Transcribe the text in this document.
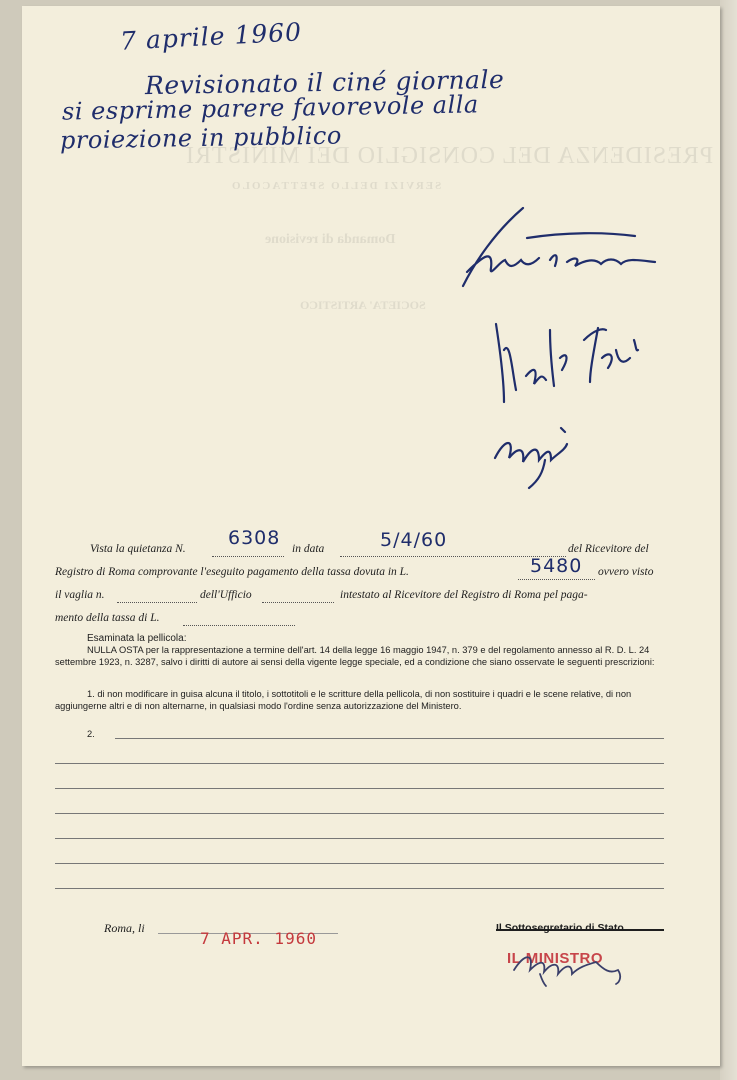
PRESIDENZA DEL CONSIGLIO DEI MINISTRI
SERVIZI DELLO SPETTACOLO
Domanda di revisione
SOCIETA' ARTISTICO
7 aprile 1960
Revisionato il ciné giornale
si esprime parere favorevole alla
proiezione in pubblico
Vista la quietanza N. 6308 in data	5/4/60	del Ricevitore del
Registro di Roma comprovante l'eseguito pagamento della tassa dovuta in L.	5480 ovvero visto
il vaglia n.	dell'Ufficio	intestato al Ricevitore del Registro di Roma pel paga-
mento della tassa di L.
Esaminata la pellicola:
NULLA OSTA per la rappresentazione a termine dell'art. 14 della legge 16 maggio 1947, n. 379 e del regolamento annesso al R. D. L. 24 settembre 1923, n. 3287, salvo i diritti di autore ai sensi della vigente legge speciale, ed a condizione che siano osservate le seguenti prescrizioni:
1. di non modificare in guisa alcuna il titolo, i sottotitoli e le scritture della pellicola, di non sostituire i quadri e le scene relative, di non aggiungerne altri e di non alternarne, in qualsiasi modo l'ordine senza autorizzazione del Ministero.
2.
Roma, li
7 APR. 1960
Il Sottosegretario di Stato
IL MINISTRO
